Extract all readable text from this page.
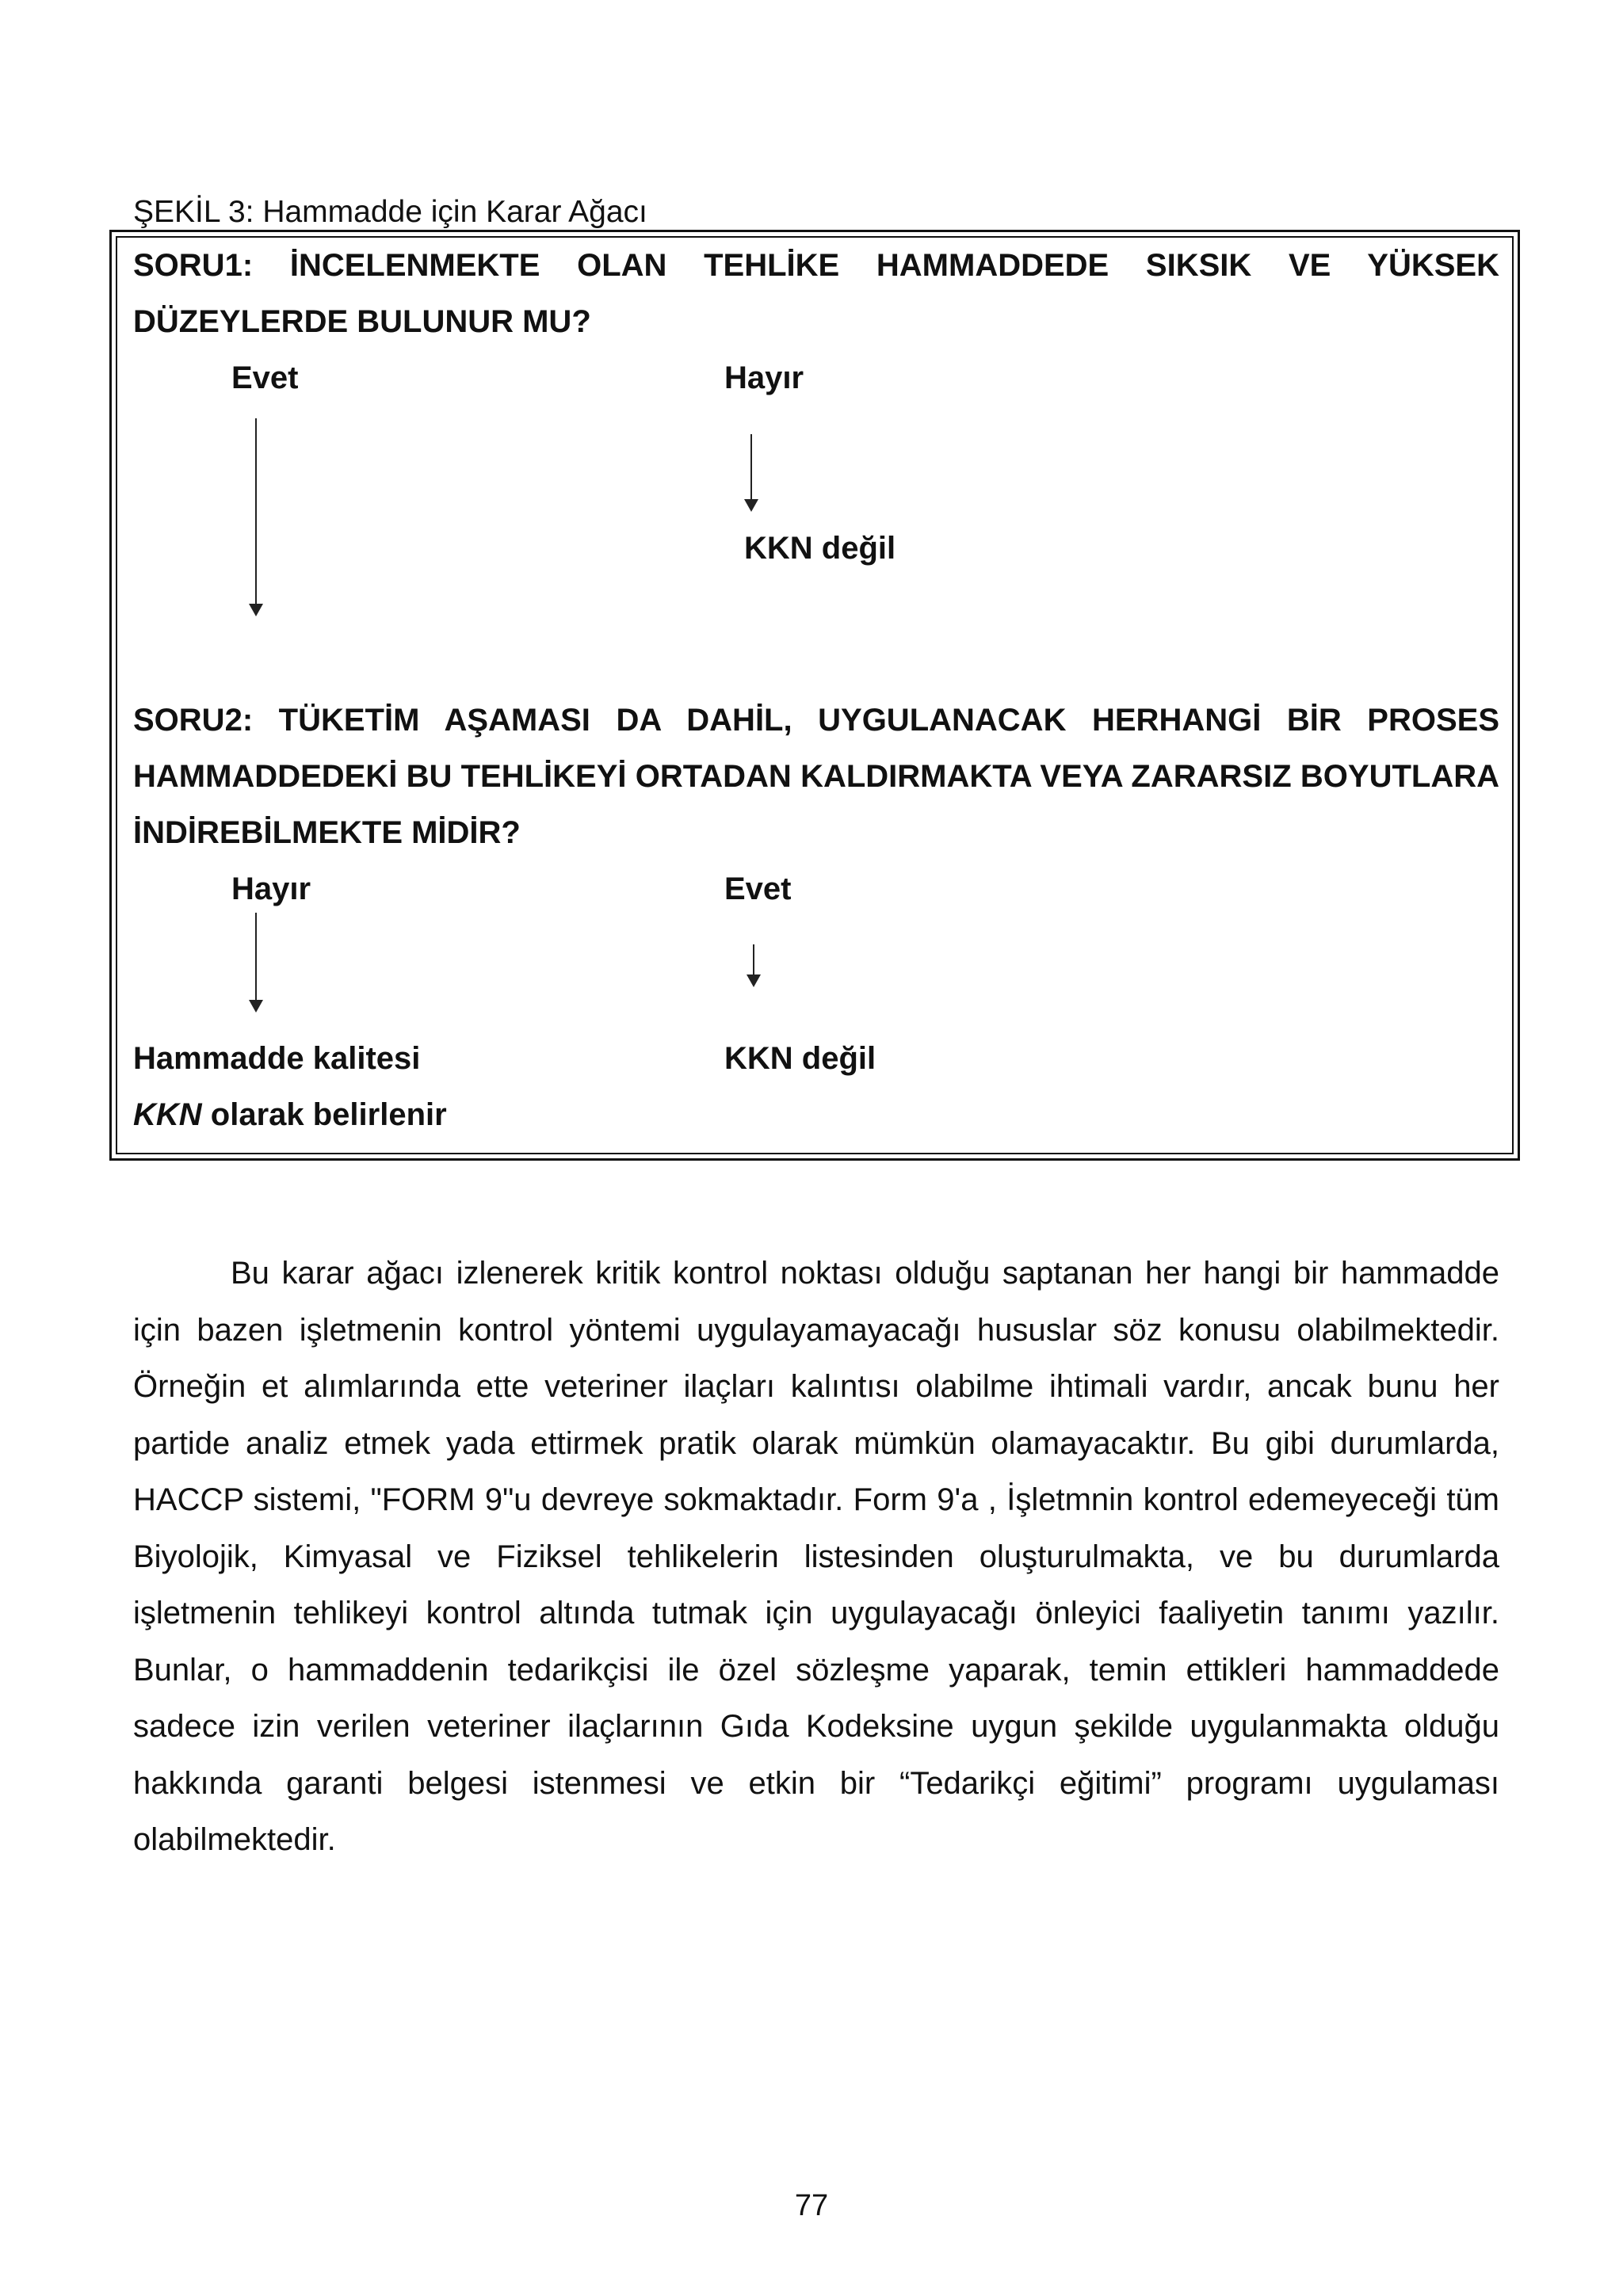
ŞEKİL 3: Hammadde için Karar Ağacı
SORU1: İNCELENMEKTE OLAN TEHLİKE HAMMADDEDE SIKSIK VE YÜKSEK DÜZEYLERDE BULUNUR MU?
Evet	Hayır
KKN değil
SORU2: TÜKETİM AŞAMASI DA DAHİL, UYGULANACAK HERHANGİ BİR PROSES HAMMADDEDEKİ BU TEHLİKEYİ ORTADAN KALDIRMAKTA VEYA ZARARSIZ BOYUTLARA İNDİREBİLMEKTE MİDİR?
Hayır	Evet
Hammadde kalitesi
KKN olarak belirlenir
KKN değil
Bu karar ağacı izlenerek kritik kontrol noktası olduğu saptanan her hangi bir hammadde için bazen işletmenin kontrol yöntemi uygulayamayacağı hususlar söz konusu olabilmektedir. Örneğin et alımlarında ette veteriner ilaçları kalıntısı olabilme ihtimali vardır, ancak bunu her partide analiz etmek yada ettirmek pratik olarak mümkün olamayacaktır. Bu gibi durumlarda, HACCP sistemi, "FORM 9"u devreye sokmaktadır. Form 9'a , İşletmnin kontrol edemeyeceği tüm Biyolojik, Kimyasal ve Fiziksel tehlikelerin listesinden oluşturulmakta, ve bu durumlarda işletmenin tehlikeyi kontrol altında tutmak için uygulayacağı önleyici faaliyetin tanımı yazılır. Bunlar, o hammaddenin tedarikçisi ile özel sözleşme yaparak, temin ettikleri hammaddede sadece izin verilen veteriner ilaçlarının Gıda Kodeksine uygun şekilde uygulanmakta olduğu hakkında garanti belgesi istenmesi ve etkin bir “Tedarikçi eğitimi” programı uygulaması olabilmektedir.
77
